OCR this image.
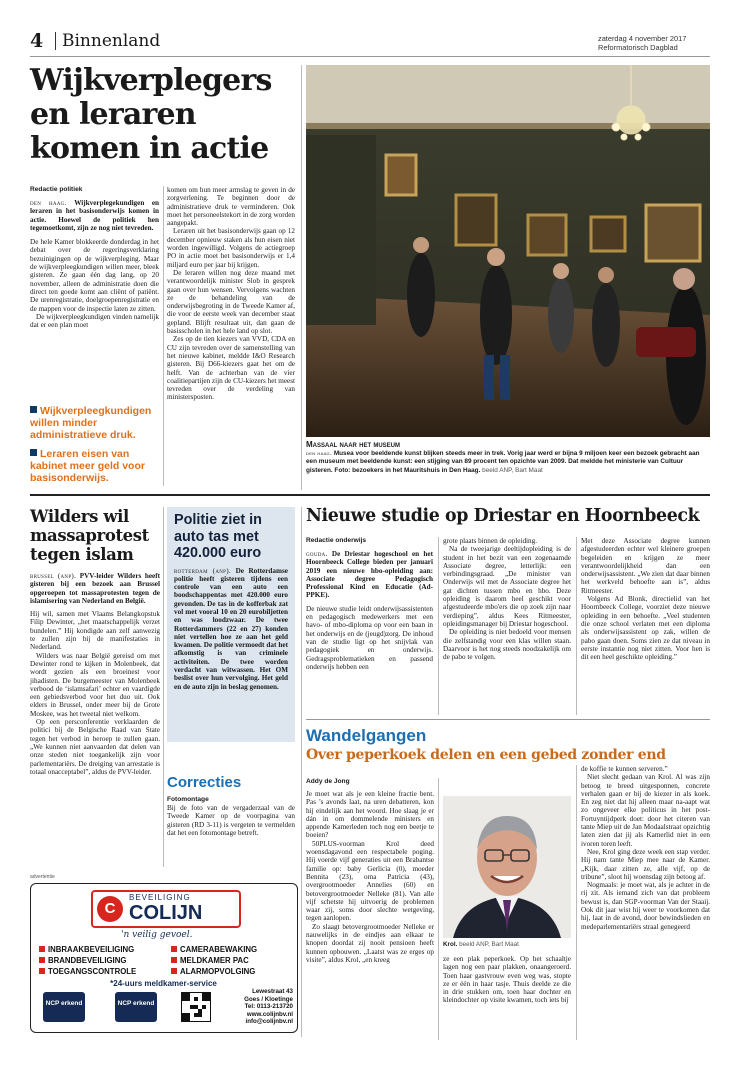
4	Binnenland	zaterdag 4 november 2017
Reformatorisch Dagblad
Wijkverplegers en leraren komen in actie
Redactie politiek

den haag. Wijkverplegekundigen en leraren in het basisonderwijs komen in actie. Hoewel de politiek hen tegemoetkomt, zijn ze nog niet tevreden.

De hele Kamer blokkeerde donderdag in het debat over de regeringsverklaring bezuinigingen op de wijkverpleging. Maar de wijkverpleegkundigen willen meer, bleek gisteren. Ze gaan één dag lang, op 20 november, alleen de administratie doen die direct ten goede komt aan cliënt of patiënt. De urenregistratie, doelgroepenregistratie en de mappen voor de inspectie laten ze zitten.

De wijkverpleegkundigen vinden namelijk dat er een plan moet

Wijkverpleegkundigen willen minder administratieve druk.
Leraren eisen van kabinet meer geld voor basisonderwijs.

komen om hun meer armslag te geven in de zorgverlening. Te beginnen door de administratieve druk te verminderen. Ook moet het personeelstekort in de zorg worden aangepakt.

Leraren uit het basisonderwijs gaan op 12 december opnieuw staken als hun eisen niet worden ingewilligd. Volgens de actiegroep PO in actie moet het basisonderwijs er 1,4 miljard euro per jaar bij krijgen.

De leraren willen nog deze maand met verantwoordelijk minister Slob in gesprek gaan over hun wensen. Vervolgens wachten ze de behandeling van de onderwijsbegroting in de Tweede Kamer af, die voor de eerste week van december staat gepland. Blijft resultaat uit, dan gaan de basisscholen in het hele land op slot.

Zes op de tien kiezers van VVD, CDA en CU zijn tevreden over de samenstelling van het nieuwe kabinet, meldde I&O Research gisteren. Bij D66-kiezers gaat het om de helft. Van de achterban van de vier coalitiepartijen zijn de CU-kiezers het meest tevreden over de verdeling van ministersposten.

Massaal naar het museum
den haag. Musea voor beeldende kunst blijken steeds meer in trek. Vorig jaar werd er bijna 9 miljoen keer een bezoek gebracht aan een museum met beeldende kunst: een stijging van 89 procent ten opzichte van 2009. Dat meldde het ministerie van Cultuur gisteren. Foto: bezoekers in het Mauritshuis in Den Haag. beeld ANP, Bart Maat
Wilders wil massaprotest tegen islam

brussel (anp). PVV-leider Wilders heeft gisteren bij een bezoek aan Brussel opgeroepen tot massaprotesten tegen de islamisering van Nederland en België.

Hij wil, samen met Vlaams Belangkopstuk Filip Dewinter, „het maatschappelijk verzet bundelen.” Hij kondigde aan zelf aanwezig te zullen zijn bij de manifestaties in Nederland.

Wilders was naar België gereisd om met Dewinter rond te kijken in Molenbeek, dat wordt gezien als een broeinest voor jihadisten. De burgemeester van Molenbeek verbood de ‘islamsafari’ echter en vaardigde een gebiedsverbod voor het duo uit. Ook elders in Brussel, onder meer bij de Grote Moskee, was het tweetal niet welkom.

Op een persconferentie verklaarden de politici bij de Belgische Raad van State tegen het verbod in beroep te zullen gaan. „We kunnen niet aanvaarden dat delen van onze steden niet toegankelijk zijn voor parlementariërs. De dreiging van arrestatie is totaal onacceptabel”, aldus de PVV-leider.

Politie ziet in auto tas met 420.000 euro
rotterdam (anp). De Rotterdamse politie heeft gisteren tijdens een controle van een auto een boodschappentas met 420.000 euro gevonden. De tas in de kofferbak zat vol met vooral 10 en 20 eurobiljetten en was loodzwaar. De twee Rotterdammers (22 en 27) konden niet vertellen hoe ze aan het geld kwamen. De politie vermoedt dat het afkomstig is van criminele activiteiten. De twee worden verdacht van witwassen. Het OM beslist over hun vervolging. Het geld en de auto zijn in beslag genomen.
Correcties
Fotomontage
Bij de foto van de vergaderzaal van de Tweede Kamer op de voorpagina van gisteren (RD 3-11) is vergeten te vermelden dat het een fotomontage betreft.
Nieuwe studie op Driestar en Hoornbeeck
Redactie onderwijs

gouda. De Driestar hogeschool en het Hoornbeeck College bieden per januari 2019 een nieuwe hbo-opleiding aan: Associate degree Pedagogisch Professional Kind en Educatie (Ad-PPKE).

De nieuwe studie leidt onderwijsassistenten en pedagogisch medewerkers met een havo- of mbo-diploma op voor een baan in het onderwijs en de (jeugd)zorg. De inhoud van de studie ligt op het snijvlak van pedagogiek en onderwijs. Gedragsproblematieken en passend onderwijs hebben een

grote plaats binnen de opleiding.

Na de tweejarige deeltijdopleiding is de student in het bezit van een zogenaamde Associate degree, letterlijk: een verbindingsgraad. „De minister van Onderwijs wil met de Associate degree het gat dichten tussen mbo en hbo. Deze opleiding is daarom heel geschikt voor afgestudeerde mbo'ers die op zoek zijn naar verdieping”, aldus Kees Ritmeester, opleidingsmanager bij Driestar hogeschool.

De opleiding is niet bedoeld voor mensen die zelfstandig voor een klas willen staan. Daarvoor is het nog steeds noodzakelijk om de pabo te volgen.

Met deze Associate degree kunnen afgestudeerden echter wel kleinere groepen begeleiden en krijgen ze meer verantwoordelijkheid dan een onderwijsassistent. „We zien dat daar binnen het werkveld behoefte aan is”, aldus Ritmeester.

Volgens Ad Blonk, directielid van het Hoornbeeck College, voorziet deze nieuwe opleiding in een behoefte. „Veel studenten die onze school verlaten met een diploma als onderwijsassistent op zak, willen de pabo gaan doen. Soms zien ze dat niveau in eerste instantie nog niet zitten. Voor hen is dit een heel geschikte opleiding.”

Wandelgangen
Over peperkoek delen en een gebed zonder end
Addy de Jong

Je moet wat als je een kleine fractie bent. Pas ’s avonds laat, na uren debatteren, kon hij eindelijk aan het woord. Hoe slaag je er dán in om dommelende ministers en appende Kamerleden toch nog een beetje te boeien?

50PLUS-voorman Krol deed woensdagavond een respectabele poging. Hij voerde vijf generaties uit een Brabantse familie op: baby Gerlicia (0), moeder Bennita (23), oma Patricia (43), overgrootmoeder Annelies (60) en betovergrootmoeder Nelleke (81). Van alle vijf schetste hij uitvoerig de problemen waar zij, soms door slechte wetgeving, tegen aanlopen.

Zo slaagt betovergrootmoeder Nelleke er nauwelijks in de eindjes aan elkaar te knopen doordat zij nooit pensioen heeft kunnen opbouwen. „Laatst was ze erges op visite”, aldus Krol, „en kreeg

Krol. beeld ANP, Bart Maat

ze een plak peperkoek. Op het schaaltje lagen nog een paar plakken, onaangeroerd. Toen haar gastvrouw even weg was, stopte ze er één in haar tasje. Thuis deelde ze die in drie stukken om, toen haar dochter en kleindochter op visite kwamen, toch iets bij

de koffie te kunnen serveren.”

Niet slecht gedaan van Krol. Al was zijn betoog te breed uitgesponnen, concrete verhalen gaan er bij de kiezer in als koek. En zeg niet dat hij alleen maar na-aapt wat zo ongeveer elke politicus in het post-Fortuyntijdperk doet: door het citeren van tante Miep uit de Jan Modaalstraat opzichtig laten zien dat jij als Kamerlid niet in een ivoren toren leeft.

Nee, Krol ging deze week een stap verder. Hij nam tante Miep mee naar de Kamer. „Kijk, daar zitten ze, alle vijf, op de tribune”, sloot hij woensdag zijn betoog af.

Nogmaals: je moet wat, als je achter in de rij zit. Als iemand zich van dat probleem bewust is, dan SGP-voorman Van der Staaij. Ook dit jaar wist hij weer te voorkomen dat hij, laat in de avond, door bewindslieden en medeparlementariërs straal genegeerd

advertentie
C
BEVEILIGING
COLIJN
'n veilig gevoel.
INBRAAKBEVEILIGING
BRANDBEVEILIGING
TOEGANGSCONTROLE
CAMERABEWAKING
MELDKAMER PAC
ALARMOPVOLGING
*24-uurs meldkamer-service
NCP erkend	NCP erkend
Lewestraat 43
Goes / Kloetinge
Tel: 0113-213720
www.colijnbv.nl
info@colijnbv.nl
